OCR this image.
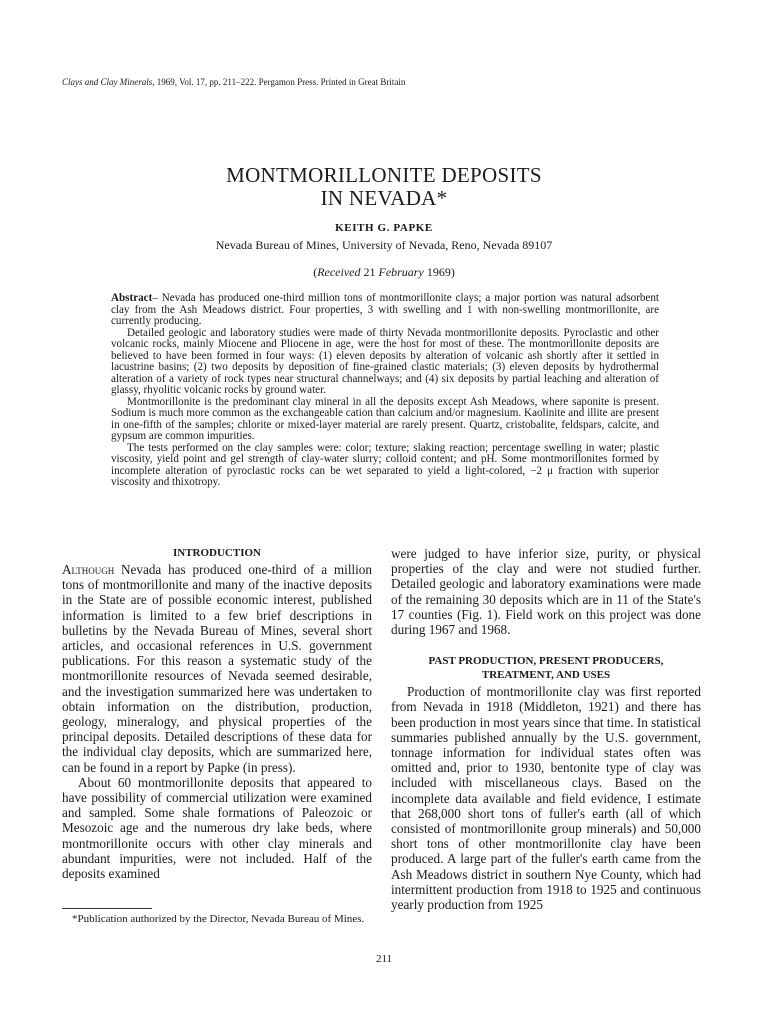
Clays and Clay Minerals, 1969, Vol. 17, pp. 211–222. Pergamon Press. Printed in Great Britain
MONTMORILLONITE DEPOSITS
IN NEVADA*
KEITH G. PAPKE
Nevada Bureau of Mines, University of Nevada, Reno, Nevada 89107
(Received 21 February 1969)

Abstract– Nevada has produced one-third million tons of montmorillonite clays; a major portion was natural adsorbent clay from the Ash Meadows district. Four properties, 3 with swelling and 1 with non-swelling montmorillonite, are currently producing.

Detailed geologic and laboratory studies were made of thirty Nevada montmorillonite deposits. Pyroclastic and other volcanic rocks, mainly Miocene and Pliocene in age, were the host for most of these. The montmorillonite deposits are believed to have been formed in four ways: (1) eleven deposits by alteration of volcanic ash shortly after it settled in lacustrine basins; (2) two deposits by deposition of fine-grained clastic materials; (3) eleven deposits by hydrothermal alteration of a variety of rock types near structural channelways; and (4) six deposits by partial leaching and alteration of glassy, rhyolitic volcanic rocks by ground water.

Montmorillonite is the predominant clay mineral in all the deposits except Ash Meadows, where saponite is present. Sodium is much more common as the exchangeable cation than calcium and/or magnesium. Kaolinite and illite are present in one-fifth of the samples; chlorite or mixed-layer material are rarely present. Quartz, cristobalite, feldspars, calcite, and gypsum are common impurities.

The tests performed on the clay samples were: color; texture; slaking reaction; percentage swelling in water; plastic viscosity, yield point and gel strength of clay-water slurry; colloid content; and pH. Some montmorillonites formed by incomplete alteration of pyroclastic rocks can be wet separated to yield a light-colored, −2 μ fraction with superior viscosity and thixotropy.

INTRODUCTION

Although Nevada has produced one-third of a million tons of montmorillonite and many of the inactive deposits in the State are of possible economic interest, published information is limited to a few brief descriptions in bulletins by the Nevada Bureau of Mines, several short articles, and occasional references in U.S. government publications. For this reason a systematic study of the montmorillonite resources of Nevada seemed desirable, and the investigation summarized here was undertaken to obtain information on the distribution, production, geology, mineralogy, and physical properties of the principal deposits. Detailed descriptions of these data for the individual clay deposits, which are summarized here, can be found in a report by Papke (in press).

About 60 montmorillonite deposits that appeared to have possibility of commercial utilization were examined and sampled. Some shale formations of Paleozoic or Mesozoic age and the numerous dry lake beds, where montmorillonite occurs with other clay minerals and abundant impurities, were not included. Half of the deposits examined

were judged to have inferior size, purity, or physical properties of the clay and were not studied further. Detailed geologic and laboratory examinations were made of the remaining 30 deposits which are in 11 of the State's 17 counties (Fig. 1). Field work on this project was done during 1967 and 1968.

PAST PRODUCTION, PRESENT PRODUCERS,
TREATMENT, AND USES

Production of montmorillonite clay was first reported from Nevada in 1918 (Middleton, 1921) and there has been production in most years since that time. In statistical summaries published annually by the U.S. government, tonnage information for individual states often was omitted and, prior to 1930, bentonite type of clay was included with miscellaneous clays. Based on the incomplete data available and field evidence, I estimate that 268,000 short tons of fuller's earth (all of which consisted of montmorillonite group minerals) and 50,000 short tons of other montmorillonite clay have been produced. A large part of the fuller's earth came from the Ash Meadows district in southern Nye County, which had intermittent production from 1918 to 1925 and continuous yearly production from 1925

*Publication authorized by the Director, Nevada Bureau of Mines.
211
